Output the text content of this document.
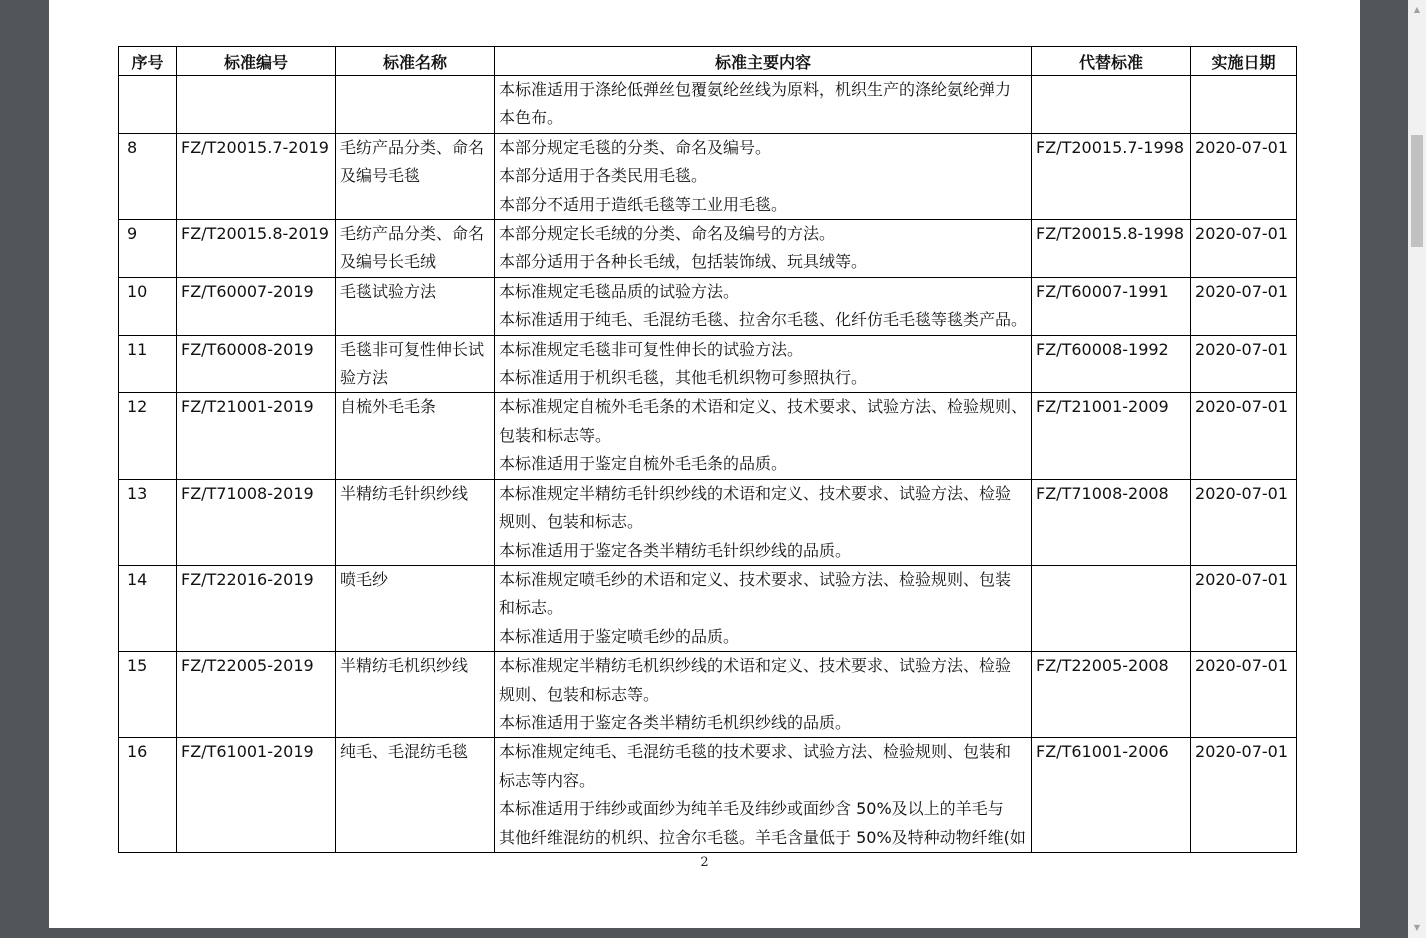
序号	标准编号	标准名称	标准主要内容	代替标准	实施日期

			本标准适用于涤纶低弹丝包覆氨纶丝线为原料，机织生产的涤纶氨纶弹力
本色布。		

8	FZ/T20015.7-2019	毛纺产品分类、命名
及编号毛毯	本部分规定毛毯的分类、命名及编号。
本部分适用于各类民用毛毯。
本部分不适用于造纸毛毯等工业用毛毯。	FZ/T20015.7-1998	2020-07-01
9	FZ/T20015.8-2019	毛纺产品分类、命名
及编号长毛绒	本部分规定长毛绒的分类、命名及编号的方法。
本部分适用于各种长毛绒，包括装饰绒、玩具绒等。	FZ/T20015.8-1998	2020-07-01
10	FZ/T60007-2019	毛毯试验方法	本标准规定毛毯品质的试验方法。
本标准适用于纯毛、毛混纺毛毯、拉舍尔毛毯、化纤仿毛毛毯等毯类产品。	FZ/T60007-1991	2020-07-01
11	FZ/T60008-2019	毛毯非可复性伸长试
验方法	本标准规定毛毯非可复性伸长的试验方法。
本标准适用于机织毛毯，其他毛机织物可参照执行。	FZ/T60008-1992	2020-07-01
12	FZ/T21001-2019	自梳外毛毛条	本标准规定自梳外毛毛条的术语和定义、技术要求、试验方法、检验规则、
包装和标志等。
本标准适用于鉴定自梳外毛毛条的品质。	FZ/T21001-2009	2020-07-01
13	FZ/T71008-2019	半精纺毛针织纱线	本标准规定半精纺毛针织纱线的术语和定义、技术要求、试验方法、检验
规则、包装和标志。
本标准适用于鉴定各类半精纺毛针织纱线的品质。	FZ/T71008-2008	2020-07-01
14	FZ/T22016-2019	喷毛纱	本标准规定喷毛纱的术语和定义、技术要求、试验方法、检验规则、包装
和标志。
本标准适用于鉴定喷毛纱的品质。		2020-07-01
15	FZ/T22005-2019	半精纺毛机织纱线	本标准规定半精纺毛机织纱线的术语和定义、技术要求、试验方法、检验
规则、包装和标志等。
本标准适用于鉴定各类半精纺毛机织纱线的品质。	FZ/T22005-2008	2020-07-01
16	FZ/T61001-2019	纯毛、毛混纺毛毯	本标准规定纯毛、毛混纺毛毯的技术要求、试验方法、检验规则、包装和
标志等内容。
本标准适用于纬纱或面纱为纯羊毛及纬纱或面纱含 50%及以上的羊毛与
其他纤维混纺的机织、拉舍尔毛毯。羊毛含量低于 50%及特种动物纤维(如	FZ/T61001-2006	2020-07-01
2
▲
▼
